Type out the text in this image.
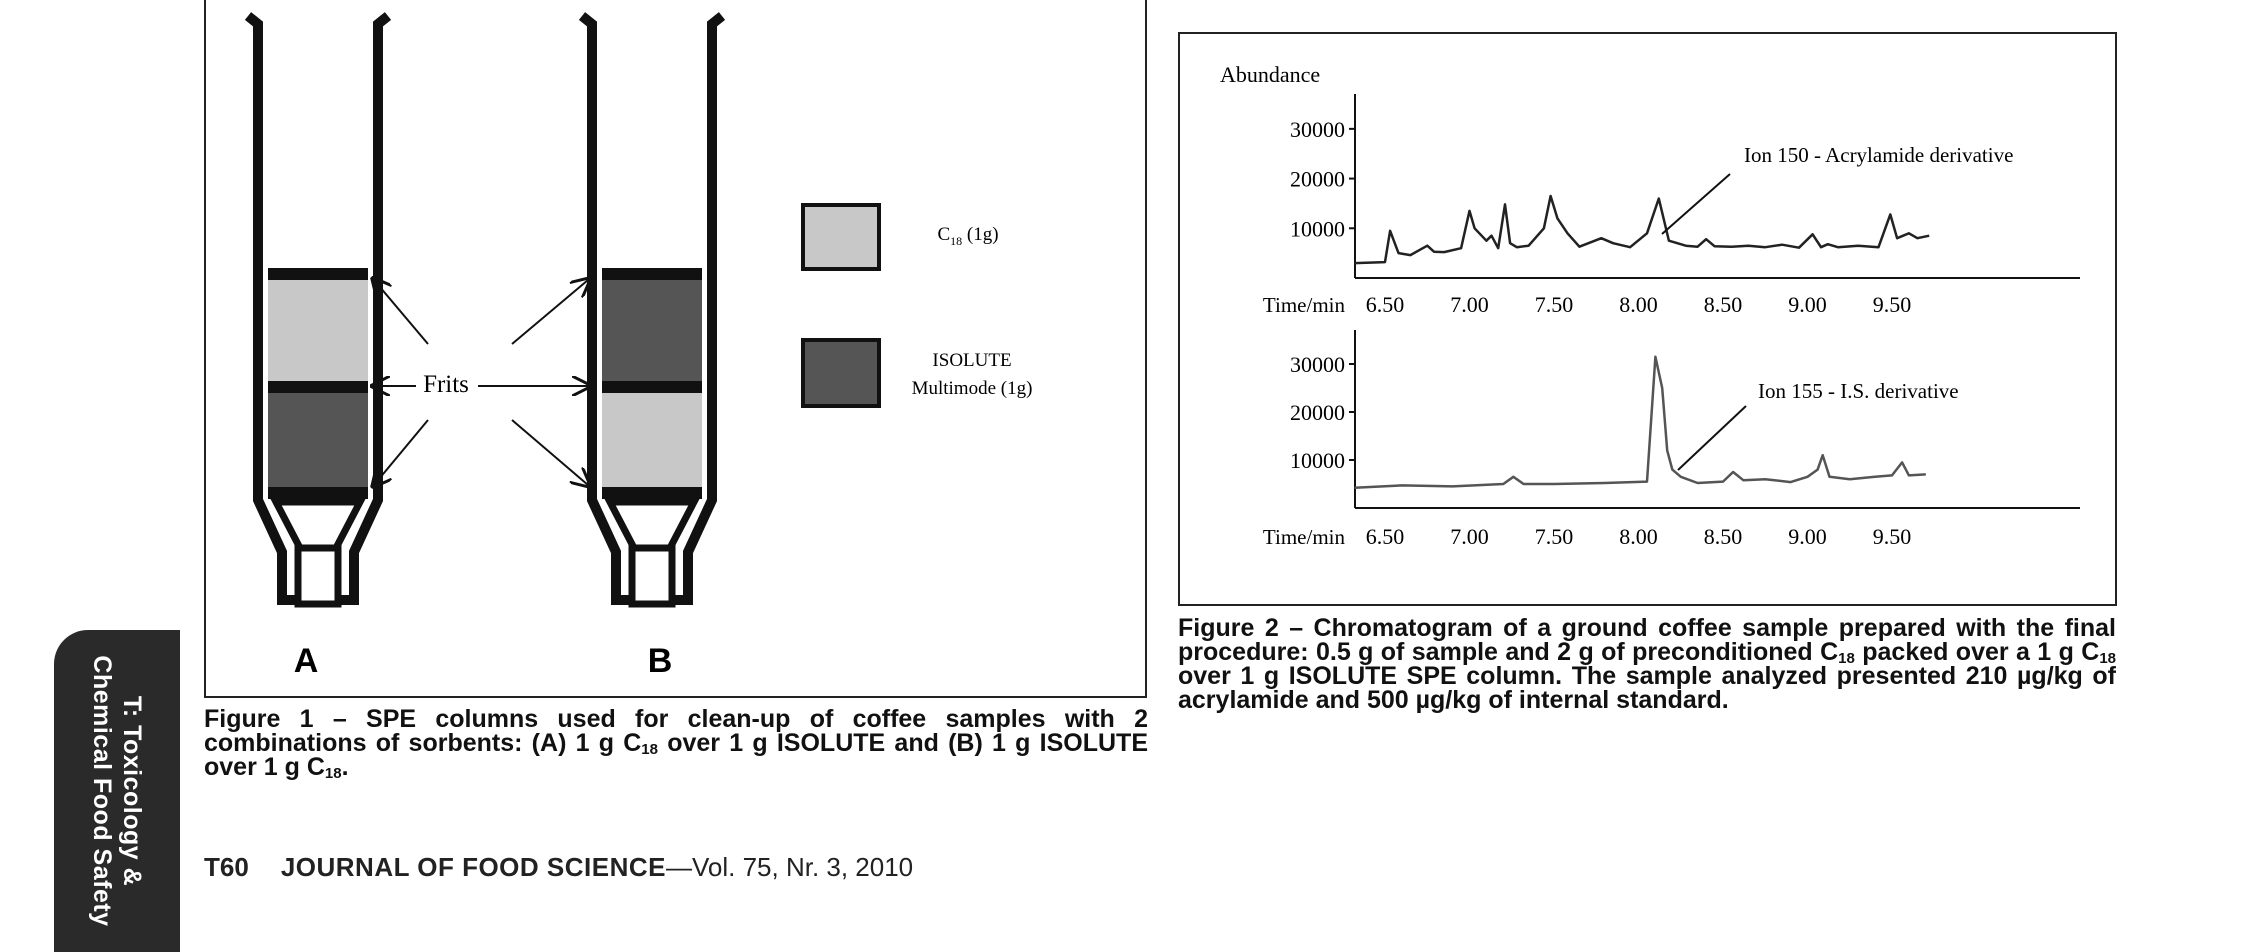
T: Toxicology &
Chemical Food Safety
Frits
A	B
$C_{18}$ (1g)
ISOLUTE
Multimode (1g)
Figure 1 – SPE columns used for clean-up of coffee samples with 2 combinations of sorbents: (A) 1 g $C_{18}$ over 1 g ISOLUTE and (B) 1 g ISOLUTE over 1 g $C_{18}$.
Abundance
30000
20000
10000
Time/min 6.50 7.00 7.50 8.00 8.50 9.00 9.50
Ion 150 - Acrylamide derivative
30000
20000
10000
Time/min 6.50 7.00 7.50 8.00 8.50 9.00 9.50
Ion 155 - I.S. derivative
Figure 2 – Chromatogram of a ground coffee sample prepared with the final procedure: 0.5 g of sample and 2 g of preconditioned $C_{18}$ packed over a 1 g $C_{18}$ over 1 g ISOLUTE SPE column. The sample analyzed presented 210 µg/kg of acrylamide and 500 µg/kg of internal standard.
T60 JOURNAL OF FOOD SCIENCE—Vol. 75, Nr. 3, 2010
